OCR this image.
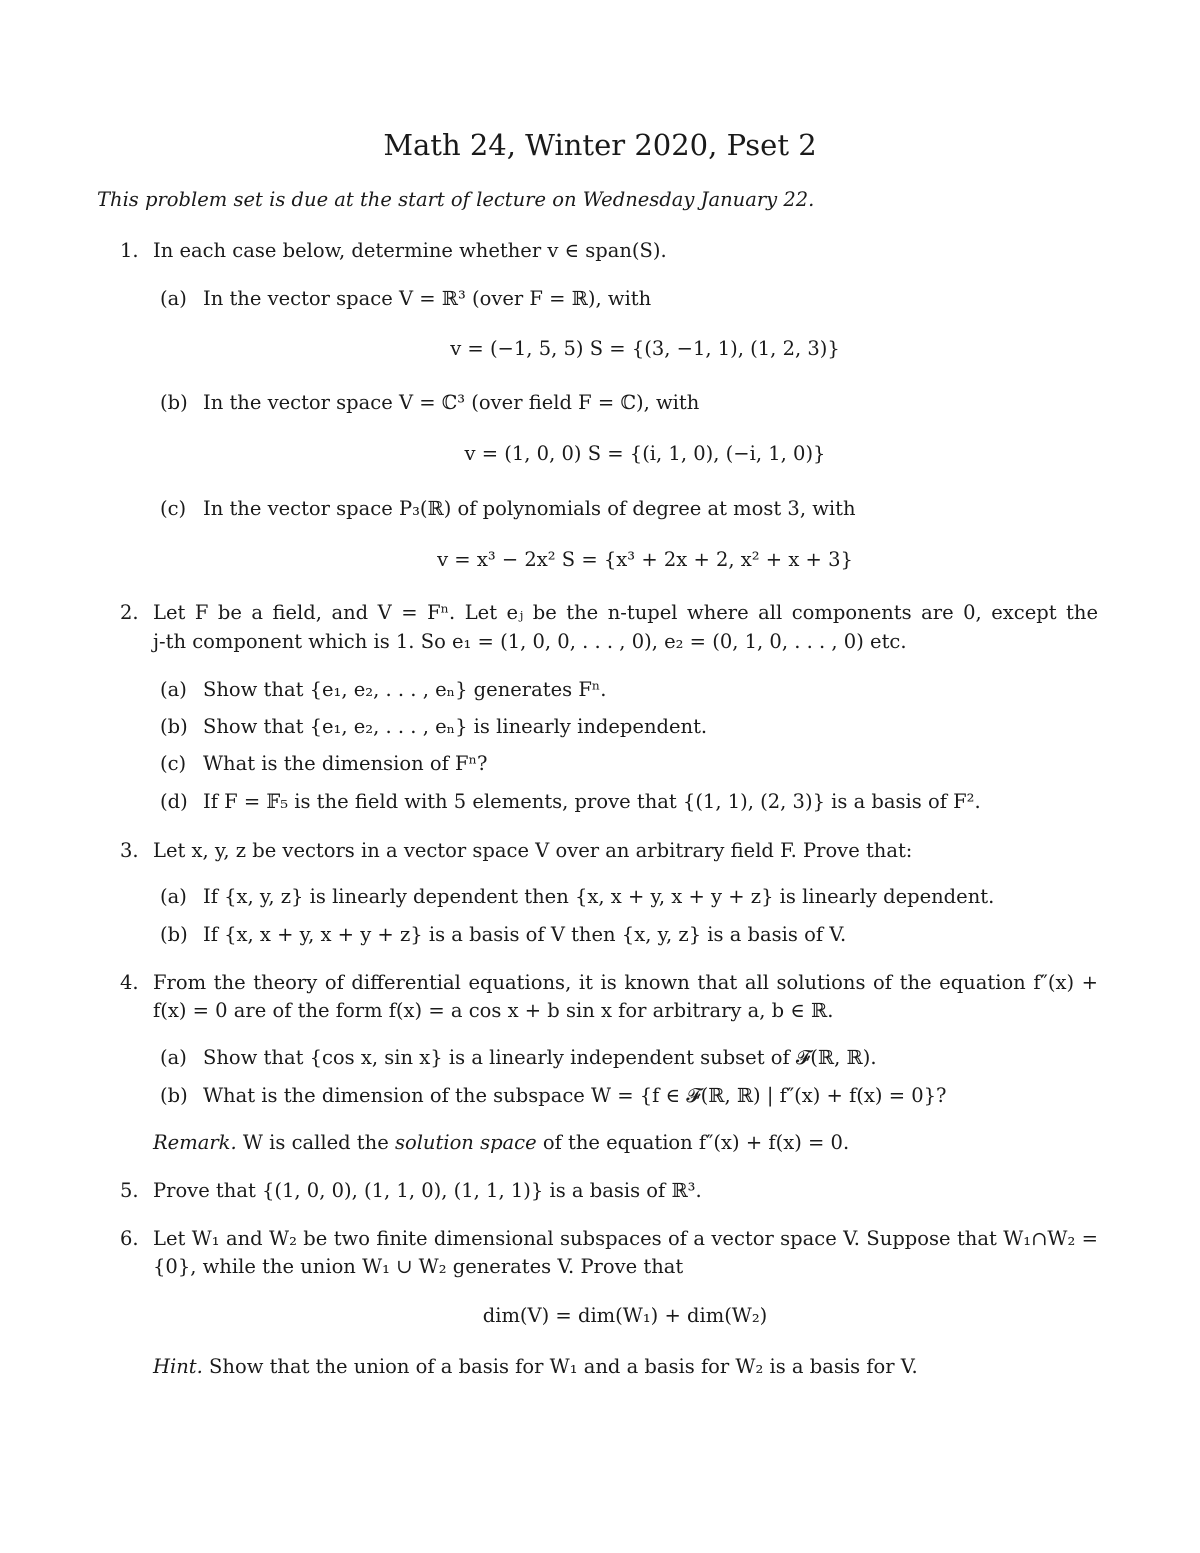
Math 24, Winter 2020, Pset 2
This problem set is due at the start of lecture on Wednesday January 22.
1. In each case below, determine whether v ∈ span(S).
(a) In the vector space V = ℝ³ (over F = ℝ), with
v = (−1, 5, 5) S = {(3, −1, 1), (1, 2, 3)}
(b) In the vector space V = ℂ³ (over field F = ℂ), with
v = (1, 0, 0) S = {(i, 1, 0), (−i, 1, 0)}
(c) In the vector space P₃(ℝ) of polynomials of degree at most 3, with
v = x³ − 2x² S = {x³ + 2x + 2, x² + x + 3}
2. Let F be a field, and V = Fⁿ. Let eⱼ be the n-tupel where all components are 0, except the
j-th component which is 1. So e₁ = (1, 0, 0, . . . , 0), e₂ = (0, 1, 0, . . . , 0) etc.
(a) Show that {e₁, e₂, . . . , eₙ} generates Fⁿ.
(b) Show that {e₁, e₂, . . . , eₙ} is linearly independent.
(c) What is the dimension of Fⁿ?
(d) If F = 𝔽₅ is the field with 5 elements, prove that {(1, 1), (2, 3)} is a basis of F².
3. Let x, y, z be vectors in a vector space V over an arbitrary field F. Prove that:
(a) If {x, y, z} is linearly dependent then {x, x + y, x + y + z} is linearly dependent.
(b) If {x, x + y, x + y + z} is a basis of V then {x, y, z} is a basis of V.
4. From the theory of differential equations, it is known that all solutions of the equation f″(x) +
f(x) = 0 are of the form f(x) = a cos x + b sin x for arbitrary a, b ∈ ℝ.
(a) Show that {cos x, sin x} is a linearly independent subset of 𝓕(ℝ, ℝ).
(b) What is the dimension of the subspace W = {f ∈ 𝓕(ℝ, ℝ) | f″(x) + f(x) = 0}?
Remark. W is called the solution space of the equation f″(x) + f(x) = 0.
5. Prove that {(1, 0, 0), (1, 1, 0), (1, 1, 1)} is a basis of ℝ³.
6. Let W₁ and W₂ be two finite dimensional subspaces of a vector space V. Suppose that W₁∩W₂ =
{0}, while the union W₁ ∪ W₂ generates V. Prove that
dim(V) = dim(W₁) + dim(W₂)
Hint. Show that the union of a basis for W₁ and a basis for W₂ is a basis for V.
